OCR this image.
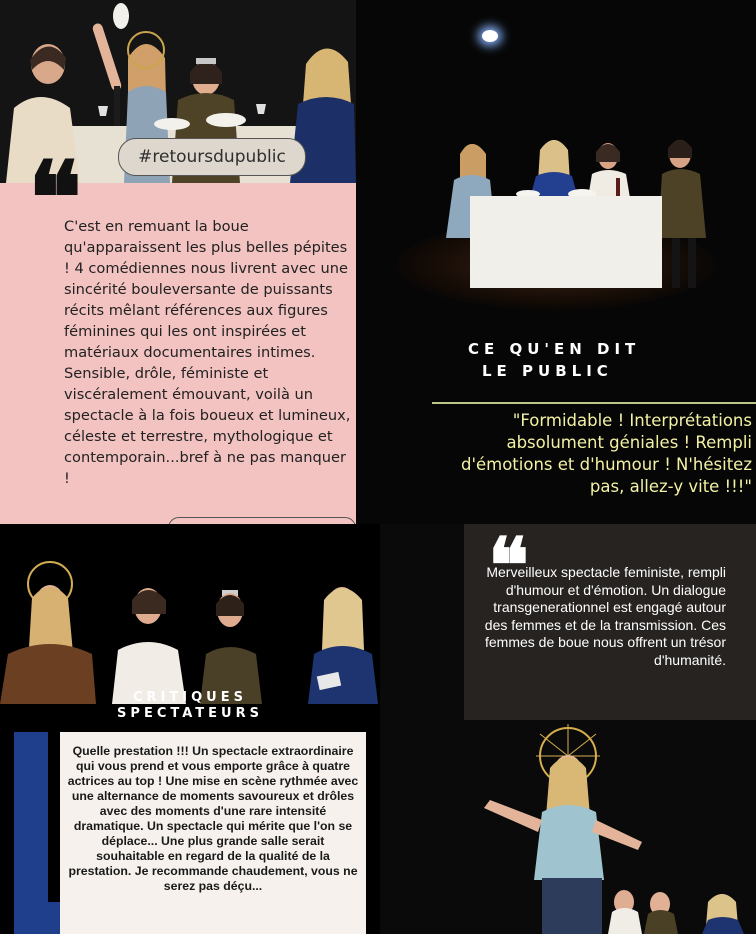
#retoursdupublic
❝
C'est en remuant la boue qu'apparaissent les plus belles pépites ! 4 comédiennes nous livrent avec une sincérité bouleversante de puissants récits mêlant références aux figures féminines qui les ont inspirées et matériaux documentaires intimes. Sensible, drôle, féministe et viscéralement émouvant, voilà un spectacle à la fois boueux et lumineux, céleste et terrestre, mythologique et contemporain...bref à ne pas manquer !
CE QU'EN DIT
LE PUBLIC
"Formidable ! Interprétations absolument géniales ! Rempli d'émotions et d'humour ! N'hésitez pas, allez-y vite !!!"
CRITIQUES
SPECTATEURS
Quelle prestation !!! Un spectacle extraordinaire qui vous prend et vous emporte grâce à quatre actrices au top ! Une mise en scène rythmée avec une alternance de moments savoureux et drôles avec des moments d'une rare intensité dramatique. Un spectacle qui mérite que l'on se déplace... Une plus grande salle serait souhaitable en regard de la qualité de la prestation. Je recommande chaudement, vous ne serez pas déçu...
❝
Merveilleux spectacle feministe, rempli d'humour et d'émotion. Un dialogue transgenerationnel est engagé autour des femmes et de la transmission. Ces femmes de boue nous offrent un trésor d'humanité.
